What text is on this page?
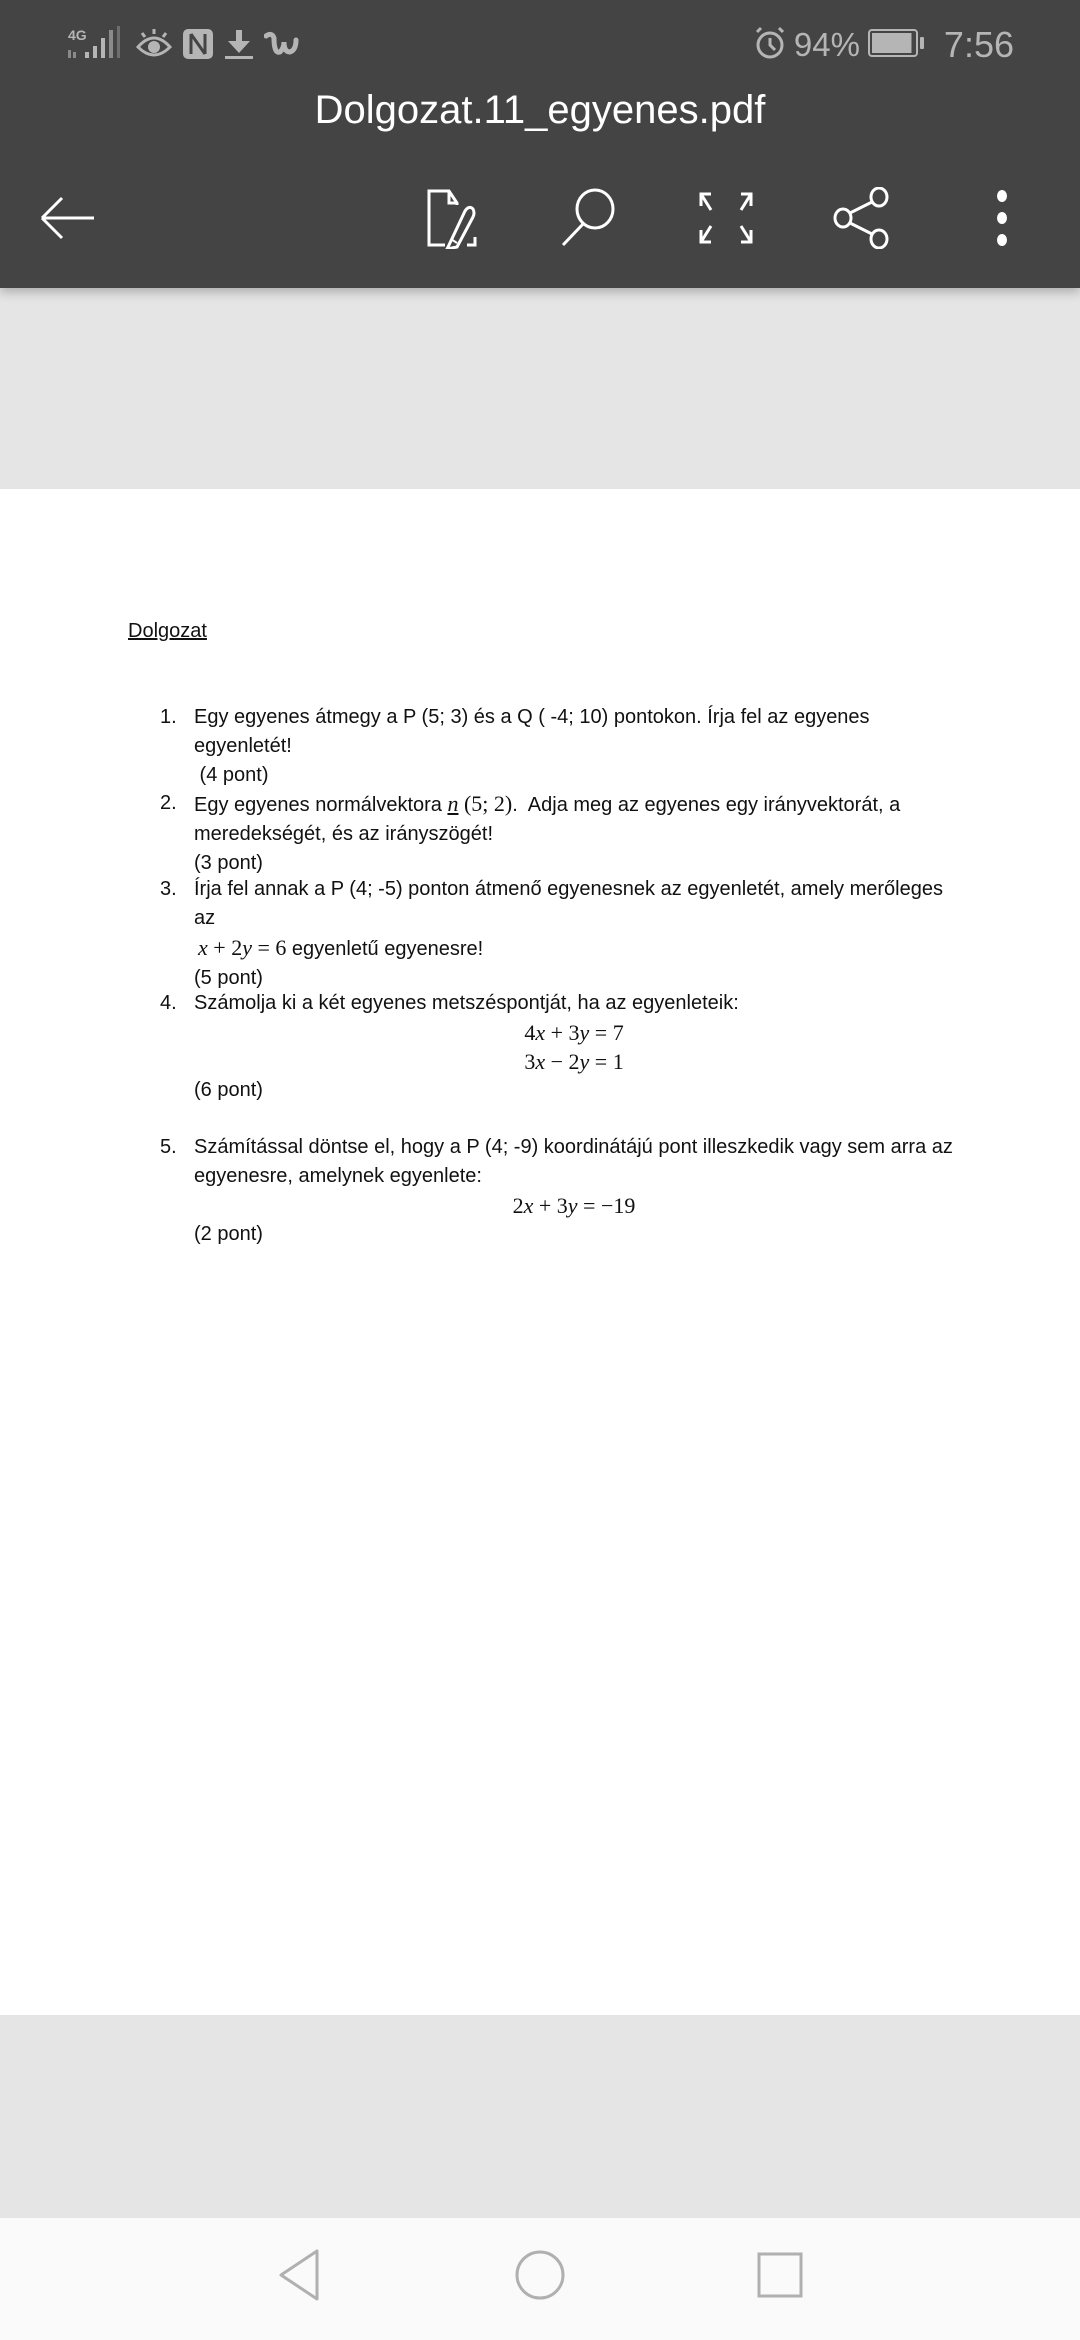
4G	94% 7:56
Dolgozat.11_egyenes.pdf
Dolgozat
1. Egy egyenes átmegy a P (5; 3) és a Q ( -4; 10) pontokon. Írja fel az egyenes
egyenletét!
(4 pont)
2. Egy egyenes normálvektora n (5; 2).  Adja meg az egyenes egy irányvektorát, a
meredekségét, és az irányszögét!
(3 pont)
3. Írja fel annak a P (4; -5) ponton átmenő egyenesnek az egyenletét, amely merőleges
az
x + 2y = 6 egyenletű egyenesre!
(5 pont)
4. Számolja ki a két egyenes metszéspontját, ha az egyenleteik:
4x + 3y = 7
3x − 2y = 1
(6 pont)
5. Számítással döntse el, hogy a P (4; -9) koordinátájú pont illeszkedik vagy sem arra az
egyenesre, amelynek egyenlete:
2x + 3y = −19
(2 pont)
